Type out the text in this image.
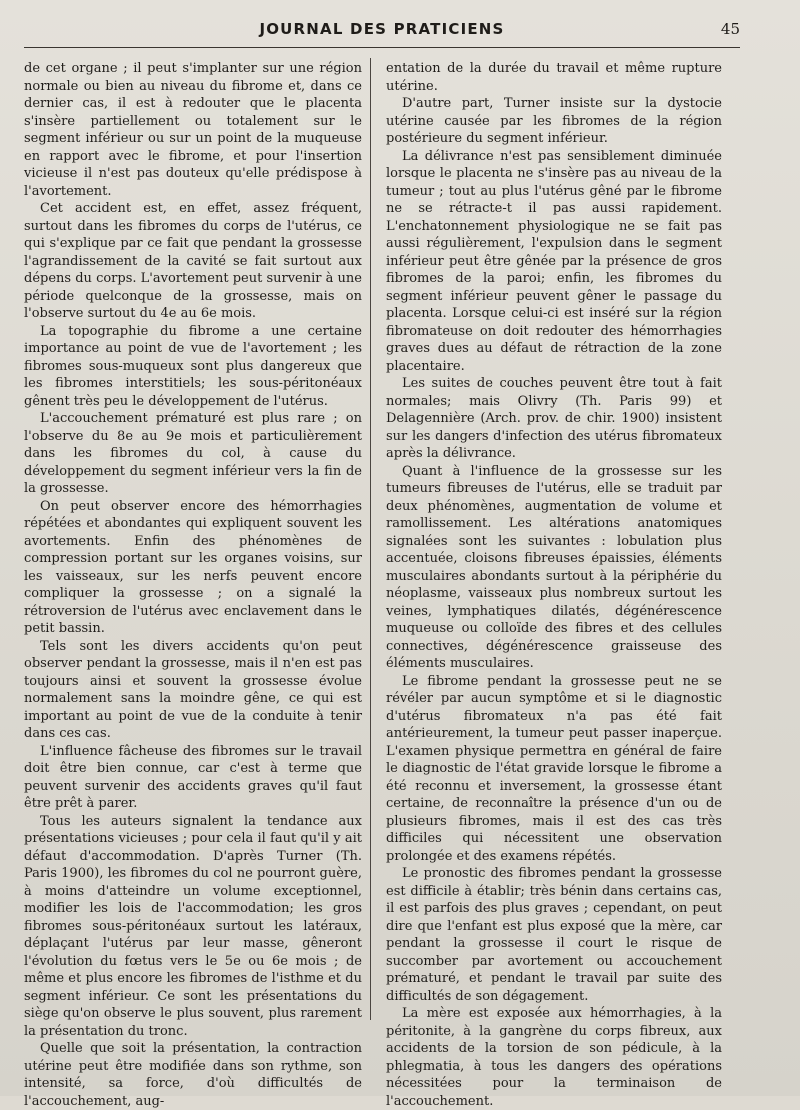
JOURNAL DES PRATICIENS	45

de cet organe ; il peut s'implanter sur une région normale ou bien au niveau du fibrome et, dans ce dernier cas, il est à redouter que le placenta s'insère partiellement ou totalement sur le segment inférieur ou sur un point de la muqueuse en rapport avec le fibrome, et pour l'insertion vicieuse il n'est pas douteux qu'elle prédispose à l'avortement.

Cet accident est, en effet, assez fréquent, surtout dans les fibromes du corps de l'utérus, ce qui s'explique par ce fait que pendant la grossesse l'agrandissement de la cavité se fait surtout aux dépens du corps. L'avortement peut survenir à une période quelconque de la grossesse, mais on l'observe surtout du 4e au 6e mois.

La topographie du fibrome a une certaine importance au point de vue de l'avortement ; les fibromes sous-muqueux sont plus dangereux que les fibromes interstitiels; les sous-péritonéaux gênent très peu le développement de l'utérus.

L'accouchement prématuré est plus rare ; on l'observe du 8e au 9e mois et particulièrement dans les fibromes du col, à cause du développement du segment inférieur vers la fin de la grossesse.

On peut observer encore des hémorrhagies répétées et abondantes qui expliquent souvent les avortements. Enfin des phénomènes de compression portant sur les organes voisins, sur les vaisseaux, sur les nerfs peuvent encore compliquer la grossesse ; on a signalé la rétroversion de l'utérus avec enclavement dans le petit bassin.

Tels sont les divers accidents qu'on peut observer pendant la grossesse, mais il n'en est pas toujours ainsi et souvent la grossesse évolue normalement sans la moindre gêne, ce qui est important au point de vue de la conduite à tenir dans ces cas.

L'influence fâcheuse des fibromes sur le travail doit être bien connue, car c'est à terme que peuvent survenir des accidents graves qu'il faut être prêt à parer.

Tous les auteurs signalent la tendance aux présentations vicieuses ; pour cela il faut qu'il y ait défaut d'accommodation. D'après Turner (Th. Paris 1900), les fibromes du col ne pourront guère, à moins d'atteindre un volume exceptionnel, modifier les lois de l'accommodation; les gros fibromes sous-péritonéaux surtout les latéraux, déplaçant l'utérus par leur masse, gêneront l'évolution du fœtus vers le 5e ou 6e mois ; de même et plus encore les fibromes de l'isthme et du segment inférieur. Ce sont les présentations du siège qu'on observe le plus souvent, plus rarement la présentation du tronc.

Quelle que soit la présentation, la contraction utérine peut être modifiée dans son rythme, son intensité, sa force, d'où difficultés de l'accouchement, aug-

entation de la durée du travail et même rupture utérine.

D'autre part, Turner insiste sur la dystocie utérine causée par les fibromes de la région postérieure du segment inférieur.

La délivrance n'est pas sensiblement diminuée lorsque le placenta ne s'insère pas au niveau de la tumeur ; tout au plus l'utérus gêné par le fibrome ne se rétracte-t il pas aussi rapidement. L'enchatonnement physiologique ne se fait pas aussi régulièrement, l'expulsion dans le segment inférieur peut être gênée par la présence de gros fibromes de la paroi; enfin, les fibromes du segment inférieur peuvent gêner le passage du placenta. Lorsque celui-ci est inséré sur la région fibromateuse on doit redouter des hémorrhagies graves dues au défaut de rétraction de la zone placentaire.

Les suites de couches peuvent être tout à fait normales; mais Olivry (Th. Paris 99) et Delagennière (Arch. prov. de chir. 1900) insistent sur les dangers d'infection des utérus fibromateux après la délivrance.

Quant à l'influence de la grossesse sur les tumeurs fibreuses de l'utérus, elle se traduit par deux phénomènes, augmentation de volume et ramollissement. Les altérations anatomiques signalées sont les suivantes : lobulation plus accentuée, cloisons fibreuses épaissies, éléments musculaires abondants surtout à la périphérie du néoplasme, vaisseaux plus nombreux surtout les veines, lymphatiques dilatés, dégénérescence muqueuse ou colloïde des fibres et des cellules connectives, dégénérescence graisseuse des éléments musculaires.

Le fibrome pendant la grossesse peut ne se révéler par aucun symptôme et si le diagnostic d'utérus fibromateux n'a pas été fait antérieurement, la tumeur peut passer inaperçue. L'examen physique permettra en général de faire le diagnostic de l'état gravide lorsque le fibrome a été reconnu et inversement, la grossesse étant certaine, de reconnaître la présence d'un ou de plusieurs fibromes, mais il est des cas très difficiles qui nécessitent une observation prolongée et des examens répétés.

Le pronostic des fibromes pendant la grossesse est difficile à établir; très bénin dans certains cas, il est parfois des plus graves ; cependant, on peut dire que l'enfant est plus exposé que la mère, car pendant la grossesse il court le risque de succomber par avortement ou accouchement prématuré, et pendant le travail par suite des difficultés de son dégagement.

La mère est exposée aux hémorrhagies, à la péritonite, à la gangrène du corps fibreux, aux accidents de la torsion de son pédicule, à la phlegmatia, à tous les dangers des opérations nécessitées pour la terminaison de l'accouchement.
